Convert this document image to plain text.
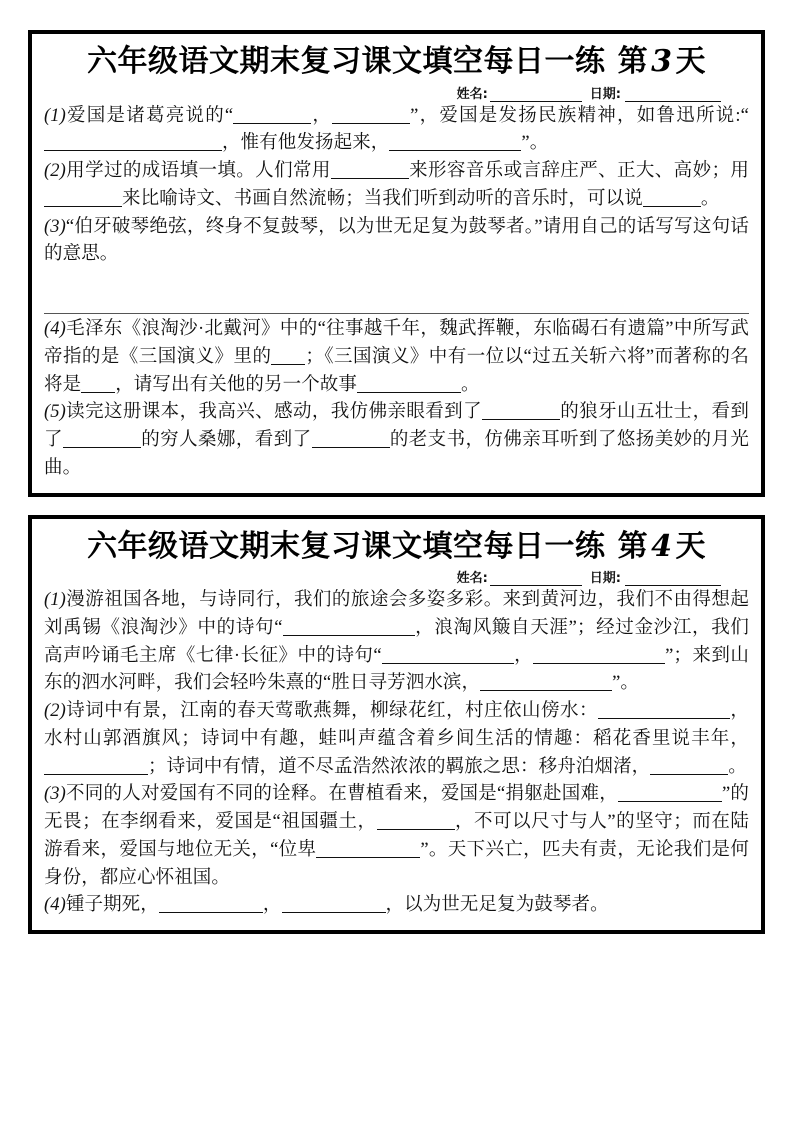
六年级语文期末复习课文填空每日一练 第 3 天
姓名:	日期:

(1)爱国是诸葛亮说的“	，	”，爱国是发扬民族精神，如鲁迅所说:“，惟有他发扬起来，	”。

(2)用学过的成语填一填。人们常用	来形容音乐或言辞庄严、正大、高妙；用来比喻诗文、书画自然流畅；当我们听到动听的音乐时，可以说	。

(3)“伯牙破琴绝弦，终身不复鼓琴，以为世无足复为鼓琴者。”请用自己的话写写这句话的意思。

(4)毛泽东《浪淘沙·北戴河》中的“往事越千年，魏武挥鞭，东临碣石有遗篇”中所写武帝指的是《三国演义》里的 ；《三国演义》中有一位以“过五关斩六将”而著称的名将是 ，请写出有关他的另一个故事	。

(5)读完这册课本，我高兴、感动，我仿佛亲眼看到了	的狼牙山五壮士，看到了	的穷人桑娜，看到了	的老支书，仿佛亲耳听到了悠扬美妙的月光曲。

六年级语文期末复习课文填空每日一练 第 4 天
姓名:	日期:

(1)漫游祖国各地，与诗同行，我们的旅途会多姿多彩。来到黄河边，我们不由得想起刘禹锡《浪淘沙》中的诗句“	，浪淘风簸自天涯”；经过金沙江，我们高声吟诵毛主席《七律·长征》中的诗句“	，	”；来到山东的泗水河畔，我们会轻吟朱熹的“胜日寻芳泗水滨，	”。

(2)诗词中有景，江南的春天莺歌燕舞，柳绿花红，村庄依山傍水：	，水村山郭酒旗风；诗词中有趣，蛙叫声蕴含着乡间生活的情趣：稻花香里说丰年，；诗词中有情，道不尽孟浩然浓浓的羁旅之思：移舟泊烟渚，	。

(3)不同的人对爱国有不同的诠释。在曹植看来，爱国是“捐躯赴国难，	”的无畏；在李纲看来，爱国是“祖国疆土，	，不可以尺寸与人”的坚守；而在陆游看来，爱国与地位无关，“位卑	”。天下兴亡，匹夫有责，无论我们是何身份，都应心怀祖国。

(4)锺子期死，	，	，以为世无足复为鼓琴者。
